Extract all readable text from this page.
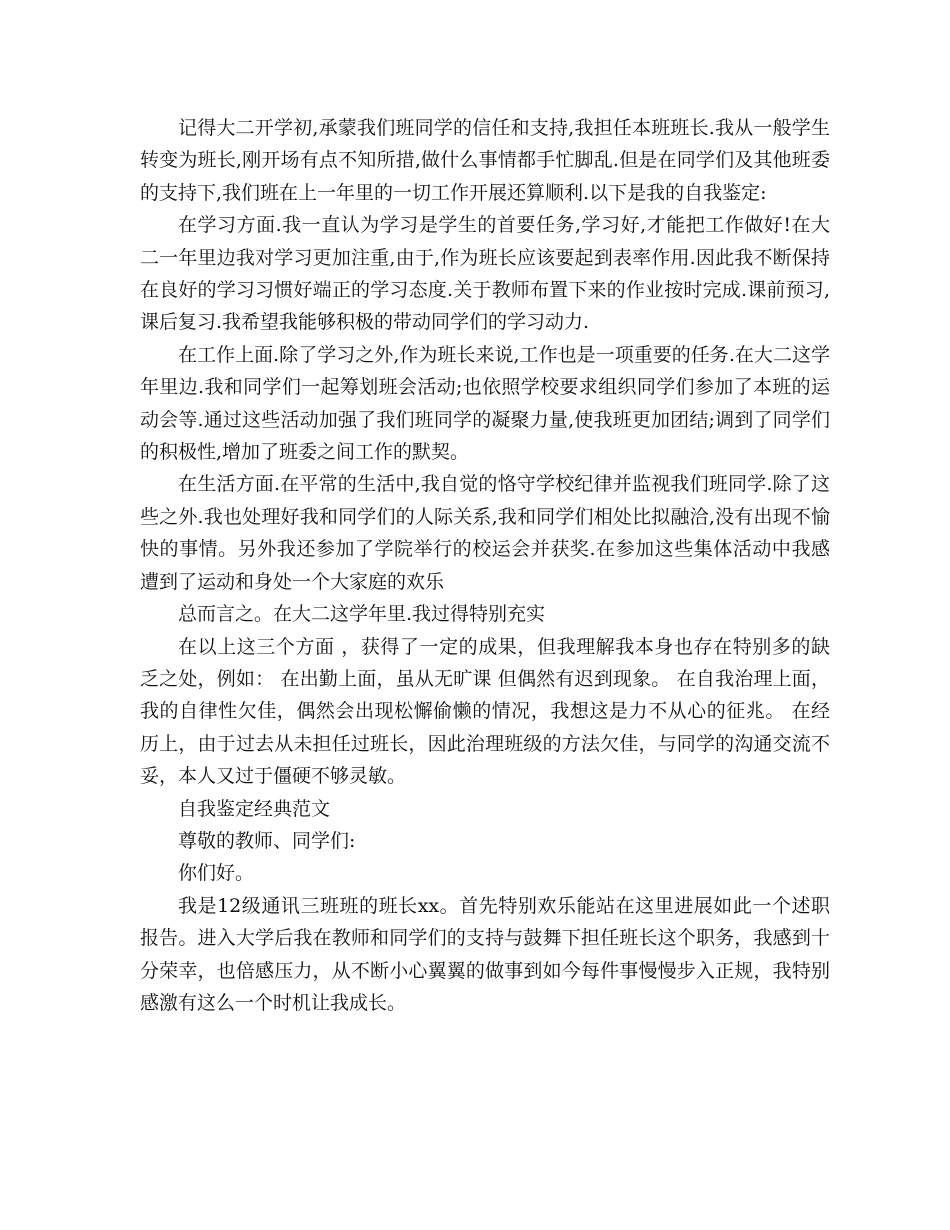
记得大二开学初,承蒙我们班同学的信任和支持,我担任本班班长.我从一般学生转变为班长,刚开场有点不知所措,做什么事情都手忙脚乱.但是在同学们及其他班委的支持下,我们班在上一年里的一切工作开展还算顺利.以下是我的自我鉴定:

在学习方面.我一直认为学习是学生的首要任务,学习好,才能把工作做好!在大二一年里边我对学习更加注重,由于,作为班长应该要起到表率作用.因此我不断保持在良好的学习习惯好端正的学习态度.关于教师布置下来的作业按时完成.课前预习,课后复习.我希望我能够积极的带动同学们的学习动力.

在工作上面.除了学习之外,作为班长来说,工作也是一项重要的任务.在大二这学年里边.我和同学们一起筹划班会活动;也依照学校要求组织同学们参加了本班的运动会等.通过这些活动加强了我们班同学的凝聚力量,使我班更加团结;调到了同学们的积极性,增加了班委之间工作的默契。

在生活方面.在平常的生活中,我自觉的恪守学校纪律并监视我们班同学.除了这些之外.我也处理好我和同学们的人际关系,我和同学们相处比拟融洽,没有出现不愉快的事情。另外我还参加了学院举行的校运会并获奖.在参加这些集体活动中我感遭到了运动和身处一个大家庭的欢乐

总而言之。在大二这学年里.我过得特别充实

在以上这三个方面 ，获得了一定的成果，但我理解我本身也存在特别多的缺乏之处，例如： 在出勤上面，虽从无旷课 但偶然有迟到现象。 在自我治理上面，我的自律性欠佳，偶然会出现松懈偷懒的情况，我想这是力不从心的征兆。 在经历上，由于过去从未担任过班长，因此治理班级的方法欠佳，与同学的沟通交流不妥，本人又过于僵硬不够灵敏。

自我鉴定经典范文

尊敬的教师、同学们:

你们好。

我是12级通讯三班班的班长xx。首先特别欢乐能站在这里进展如此一个述职报告。进入大学后我在教师和同学们的支持与鼓舞下担任班长这个职务，我感到十分荣幸，也倍感压力，从不断小心翼翼的做事到如今每件事慢慢步入正规，我特别感激有这么一个时机让我成长。
